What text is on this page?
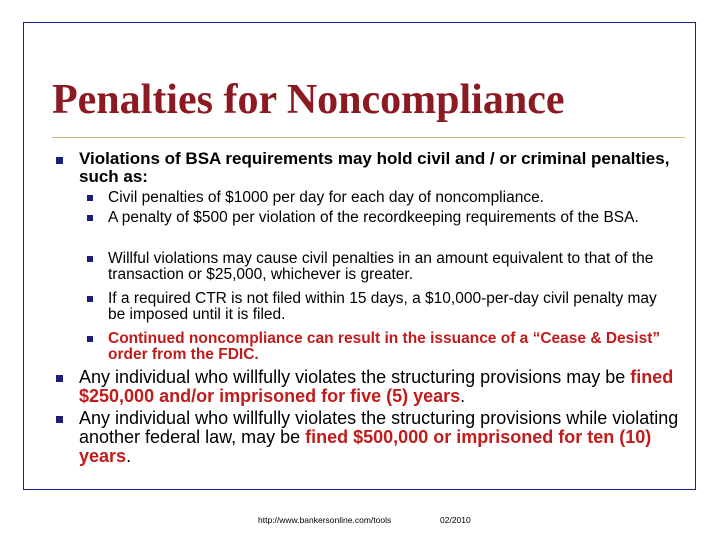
Penalties for Noncompliance
Violations of BSA requirements may hold civil and / or criminal penalties, such as:
Civil penalties of $1000 per day for each day of noncompliance.
A penalty of $500 per violation of the recordkeeping requirements of the BSA.
Willful violations may cause civil penalties in an amount equivalent to that of the transaction or $25,000, whichever is greater.
If a required CTR is not filed within 15 days, a $10,000-per-day civil penalty may be imposed until it is filed.
Continued noncompliance can result in the issuance of a “Cease & Desist” order from the FDIC.
Any individual who willfully violates the structuring provisions may be fined $250,000 and/or imprisoned for five (5) years.
Any individual who willfully violates the structuring provisions while violating another federal law, may be fined $500,000 or imprisoned for ten (10) years.
http://www.bankersonline.com/tools	02/2010
